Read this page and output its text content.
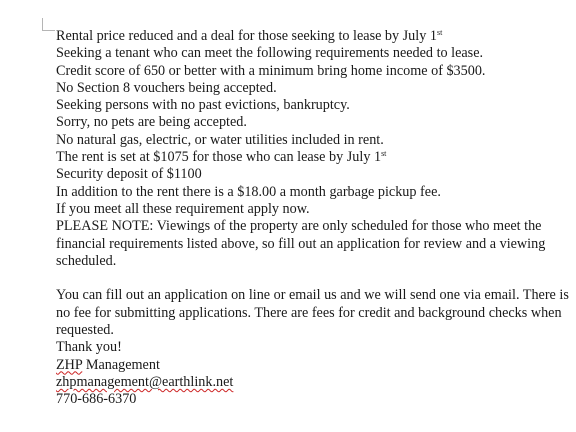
Rental price reduced and a deal for those seeking to lease by July 1st
Seeking a tenant who can meet the following requirements needed to lease.
Credit score of 650 or better with a minimum bring home income of $3500.
No Section 8 vouchers being accepted.
Seeking persons with no past evictions, bankruptcy.
Sorry, no pets are being accepted.
No natural gas, electric, or water utilities included in rent.
The rent is set at $1075 for those who can lease by July 1st
Security deposit of $1100
In addition to the rent there is a $18.00 a month garbage pickup fee.
If you meet all these requirement apply now.
PLEASE NOTE: Viewings of the property are only scheduled for those who meet the financial requirements listed above, so fill out an application for review and a viewing scheduled.
You can fill out an application on line or email us and we will send one via email. There is no fee for submitting applications. There are fees for credit and background checks when requested.
Thank you!
ZHP Management
zhpmanagement@earthlink.net
770-686-6370
